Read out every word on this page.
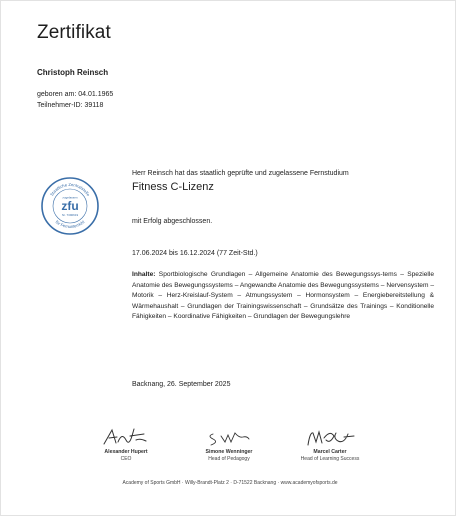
Zertifikat
Christoph Reinsch
geboren am: 04.01.1965
Teilnehmer-ID: 39118
Staatliche Zentralstelle
für Fernunterricht
zugelassen
zfu
Nr. 7390619
Herr Reinsch hat das staatlich geprüfte und zugelassene Fernstudium
Fitness C-Lizenz
mit Erfolg abgeschlossen.
17.06.2024 bis 16.12.2024 (77 Zeit-Std.)
Inhalte: Sportbiologische Grundlagen – Allgemeine Anatomie des Bewegungssys-tems – Spezielle Anatomie des Bewegungssystems – Angewandte Anatomie des Bewegungssystems – Nervensystem – Motorik – Herz-Kreislauf-System – Atmungssystem – Hormonsystem – Energiebereitstellung & Wärmehaushalt – Grundlagen der Trainingswissenschaft – Grundsätze des Trainings – Konditionelle Fähigkeiten – Koordinative Fähigkeiten – Grundlagen der Bewegungslehre
Backnang, 26. September 2025
Alexander Hupert
CEO
Simone Wenninger
Head of Pedagogy
Marcel Carter
Head of Learning Success
Academy of Sports GmbH · Willy-Brandt-Platz 2 · D-71522 Backnang · www.academyofsports.de
